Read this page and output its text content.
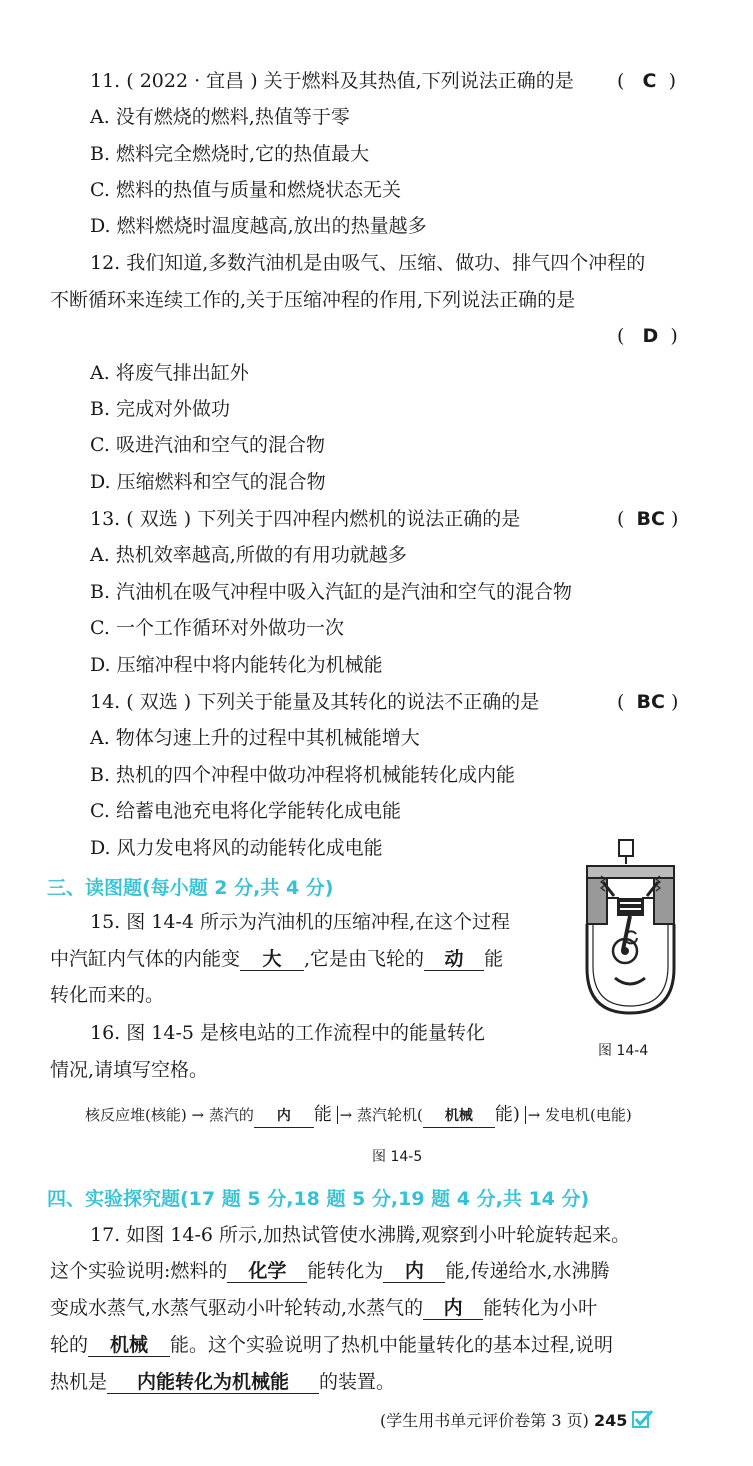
11. ( 2022 · 宜昌 ) 关于燃料及其热值,下列说法正确的是 (   C  )
A. 没有燃烧的燃料,热值等于零
B. 燃料完全燃烧时,它的热值最大
C. 燃料的热值与质量和燃烧状态无关
D. 燃料燃烧时温度越高,放出的热量越多
12. 我们知道,多数汽油机是由吸气、压缩、做功、排气四个冲程的
不断循环来连续工作的,关于压缩冲程的作用,下列说法正确的是
(   D  )
A. 将废气排出缸外
B. 完成对外做功
C. 吸进汽油和空气的混合物
D. 压缩燃料和空气的混合物
13. ( 双选 ) 下列关于四冲程内燃机的说法正确的是	(  BC )
A. 热机效率越高,所做的有用功就越多
B. 汽油机在吸气冲程中吸入汽缸的是汽油和空气的混合物
C. 一个工作循环对外做功一次
D. 压缩冲程中将内能转化为机械能
14. ( 双选 ) 下列关于能量及其转化的说法不正确的是	(  BC )
A. 物体匀速上升的过程中其机械能增大
B. 热机的四个冲程中做功冲程将机械能转化成内能
C. 给蓄电池充电将化学能转化成电能
D. 风力发电将风的动能转化成电能
三、读图题(每小题 2 分,共 4 分)
15. 图 14-4 所示为汽油机的压缩冲程,在这个过程
中汽缸内气体的内能变 大 ,它是由飞轮的 动 能
转化而来的。
图 14-4
16. 图 14-5 是核电站的工作流程中的能量转化
情况,请填写空格。
核反应堆(核能) → 蒸汽的 内 能 → 蒸汽轮机( 机械 能) → 发电机(电能)
图 14-5
四、实验探究题(17 题 5 分,18 题 5 分,19 题 4 分,共 14 分)
17. 如图 14-6 所示,加热试管使水沸腾,观察到小叶轮旋转起来。
这个实验说明:燃料的 化学 能转化为 内 能,传递给水,水沸腾
变成水蒸气,水蒸气驱动小叶轮转动,水蒸气的 内 能转化为小叶
轮的 机械 能。这个实验说明了热机中能量转化的基本过程,说明
热机是 内能转化为机械能 的装置。
(学生用书单元评价卷第 3 页) 245
